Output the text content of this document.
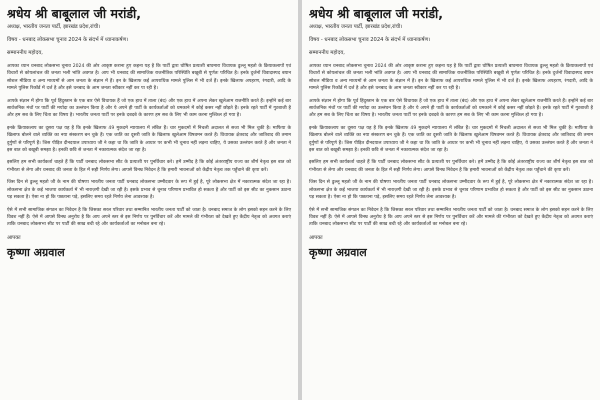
श्रधेय श्री बाबूलाल जी मरांडी,

अध्यक्ष, भारतीय जनता पार्टी, झारखंड प्रदेश,रांची।

विषय - धनबाद लोकसभा चुनाव 2024 के संदर्भ में ध्यानाकर्षण।

सम्माननीय महोदय,

आपका ध्यान धनबाद लोकसभा चुनाव 2024 की ओर आकृष्ट कराना हुए कहना यह है कि पार्टी द्वारा घोषित प्रत्याशी बाघमारा विधायक ढुल्लू महतो के क्रियाकलापों एवं विचारों से कोयलांचल की जनता भली भांति अवगत है। आप भी धनबाद की सामाजिक राजनीतिक परिस्थिति बखूबी से पूर्णतः परिचित है। इनके दुर्जनों विवादास्पद बयान सोशल मीडिया व अन्य माध्यमों से आम जनता के संज्ञान में हैं। इन के खिलाफ कई आपराधिक मामले पुलिस में भी दर्ज हैं। इनके खिलाफ अपहरण, रंगदारी, आदि के मामले पुलिस रिकॉर्ड में दर्ज है और इसे धनबाद के आम जनता स्वीकार नहीं कर पा रही है।

आपके संज्ञान में होगा कि पूर्व हिंदुस्तान के एक बार ऐसे विधायक हैं जो एक हाथ में ताला (बंद) और एक हाथ में अपना लेकर खुलेआम राजनीति करते हैं। इन्होंने कई बार सार्वजनिक मंचों पर पार्टी की मर्यादा का उल्लंघन किया है और ये अपने ही पार्टी के कार्यकर्ताओं को धमकाने में कोई कसर नहीं छोड़ते हैं। इनके रहते पार्टी में गुटबाजी है और हम सब के लिए चिंता का विषय है। भारतीय जनता पार्टी पर इनके दबदबे के कारण हम सब के लिए भी काम करना मुश्किल हो गया है।

इनके क्रियाकलाप का दूसरा पक्ष यह है कि इनके खिलाफ 49 मुकदमे न्यायालय में लंबित हैं। चार मुकदमों में निचली अदालत से सजा भी मिल चुकी है। माफिया के खिलाफ बोलने वाले व्यक्ति का नया संस्करण बन चुके हैं। एक जाति का दूसरी जाति के खिलाफ खुलेआम विषवमन करते हैं। विधायक क्षेत्रवाद और जातिवाद की तमाम दुर्गुणों से परिपूर्ण हैं। जिस पीड़ित दीनदयाल उपाध्याय जी ने कहा था कि जाति के आधार पर कभी भी चुनाव नहीं लड़ना चाहिए, ये उसका उल्लंघन करते हैं और जनता ने इस बात को बखूबी समझा है। इनकी छवि से जनता में नकारात्मक संदेश जा रहा है।

इसलिए हम सभी कार्यकर्ता चाहते हैं कि पार्टी धनबाद लोकसभा सीट के प्रत्याशी पर पुनर्विचार करे। हमें उम्मीद है कि कोई अंतरराष्ट्रीय राज्य का शीर्ष नेतृत्व इस बात को गंभीरता से लेगा और धनबाद की जनता के हित में सही निर्णय लेगा। आपसे विनम्र निवेदन है कि हमारी भावनाओं को केंद्रीय नेतृत्व तक पहुँचाने की कृपा करें।

जिस दिन से ढुल्लू महतो जी के नाम की घोषणा भारतीय जनता पार्टी धनबाद लोकसभा उम्मीदवार के रूप में हुई है, पूरे लोकसभा क्षेत्र में नकारात्मक संदेश जा रहा है। लोकसभा क्षेत्र के कई भाजपा कार्यकर्ता में भी नाराज़गी देखी जा रही है। इसके प्रभाव से चुनाव परिणाम प्रभावित हो सकता है और पार्टी को इस सीट का नुकसान उठाना पड़ सकता है। ऐसा ना हो कि पछताना पड़े, इसलिए समय रहते निर्णय लेना आवश्यक है।

ऐसे में सभी सामाजिक संगठन का निवेदन है कि जिसका सरल परिवार तथा सम्मानित भारतीय जनता पार्टी को जाता है। धनबाद समाज के लोग इसको सहन करने के लिए विवश नहीं हैं। ऐसे में आपसे विनम्र अनुरोध है कि आप अपने स्तर से इस निर्णय पर पुनर्विचार करें और मामले की गंभीरता को देखते हुए केंद्रीय नेतृत्व को अवगत कराएं ताकि धनबाद लोकसभा सीट पर पार्टी की साख बची रहे और कार्यकर्ताओं का मनोबल बना रहे।

आपका

कृष्णा अग्रवाल

श्रधेय श्री बाबूलाल जी मरांडी,

अध्यक्ष, भारतीय जनता पार्टी, झारखंड प्रदेश,रांची।

विषय - धनबाद लोकसभा चुनाव 2024 के संदर्भ में ध्यानाकर्षण।

सम्माननीय महोदय,

आपका ध्यान धनबाद लोकसभा चुनाव 2024 की ओर आकृष्ट कराना हुए कहना यह है कि पार्टी द्वारा घोषित प्रत्याशी बाघमारा विधायक ढुल्लू महतो के क्रियाकलापों एवं विचारों से कोयलांचल की जनता भली भांति अवगत है। आप भी धनबाद की सामाजिक राजनीतिक परिस्थिति बखूबी से पूर्णतः परिचित है। इनके दुर्जनों विवादास्पद बयान सोशल मीडिया व अन्य माध्यमों से आम जनता के संज्ञान में हैं। इन के खिलाफ कई आपराधिक मामले पुलिस में भी दर्ज हैं। इनके खिलाफ अपहरण, रंगदारी, आदि के मामले पुलिस रिकॉर्ड में दर्ज है और इसे धनबाद के आम जनता स्वीकार नहीं कर पा रही है।

आपके संज्ञान में होगा कि पूर्व हिंदुस्तान के एक बार ऐसे विधायक हैं जो एक हाथ में ताला (बंद) और एक हाथ में अपना लेकर खुलेआम राजनीति करते हैं। इन्होंने कई बार सार्वजनिक मंचों पर पार्टी की मर्यादा का उल्लंघन किया है और ये अपने ही पार्टी के कार्यकर्ताओं को धमकाने में कोई कसर नहीं छोड़ते हैं। इनके रहते पार्टी में गुटबाजी है और हम सब के लिए चिंता का विषय है। भारतीय जनता पार्टी पर इनके दबदबे के कारण हम सब के लिए भी काम करना मुश्किल हो गया है।

इनके क्रियाकलाप का दूसरा पक्ष यह है कि इनके खिलाफ 49 मुकदमे न्यायालय में लंबित हैं। चार मुकदमों में निचली अदालत से सजा भी मिल चुकी है। माफिया के खिलाफ बोलने वाले व्यक्ति का नया संस्करण बन चुके हैं। एक जाति का दूसरी जाति के खिलाफ खुलेआम विषवमन करते हैं। विधायक क्षेत्रवाद और जातिवाद की तमाम दुर्गुणों से परिपूर्ण हैं। जिस पीड़ित दीनदयाल उपाध्याय जी ने कहा था कि जाति के आधार पर कभी भी चुनाव नहीं लड़ना चाहिए, ये उसका उल्लंघन करते हैं और जनता ने इस बात को बखूबी समझा है। इनकी छवि से जनता में नकारात्मक संदेश जा रहा है।

इसलिए हम सभी कार्यकर्ता चाहते हैं कि पार्टी धनबाद लोकसभा सीट के प्रत्याशी पर पुनर्विचार करे। हमें उम्मीद है कि कोई अंतरराष्ट्रीय राज्य का शीर्ष नेतृत्व इस बात को गंभीरता से लेगा और धनबाद की जनता के हित में सही निर्णय लेगा। आपसे विनम्र निवेदन है कि हमारी भावनाओं को केंद्रीय नेतृत्व तक पहुँचाने की कृपा करें।

जिस दिन से ढुल्लू महतो जी के नाम की घोषणा भारतीय जनता पार्टी धनबाद लोकसभा उम्मीदवार के रूप में हुई है, पूरे लोकसभा क्षेत्र में नकारात्मक संदेश जा रहा है। लोकसभा क्षेत्र के कई भाजपा कार्यकर्ता में भी नाराज़गी देखी जा रही है। इसके प्रभाव से चुनाव परिणाम प्रभावित हो सकता है और पार्टी को इस सीट का नुकसान उठाना पड़ सकता है। ऐसा ना हो कि पछताना पड़े, इसलिए समय रहते निर्णय लेना आवश्यक है।

ऐसे में सभी सामाजिक संगठन का निवेदन है कि जिसका सरल परिवार तथा सम्मानित भारतीय जनता पार्टी को जाता है। धनबाद समाज के लोग इसको सहन करने के लिए विवश नहीं हैं। ऐसे में आपसे विनम्र अनुरोध है कि आप अपने स्तर से इस निर्णय पर पुनर्विचार करें और मामले की गंभीरता को देखते हुए केंद्रीय नेतृत्व को अवगत कराएं ताकि धनबाद लोकसभा सीट पर पार्टी की साख बची रहे और कार्यकर्ताओं का मनोबल बना रहे।

आपका

कृष्णा अग्रवाल
